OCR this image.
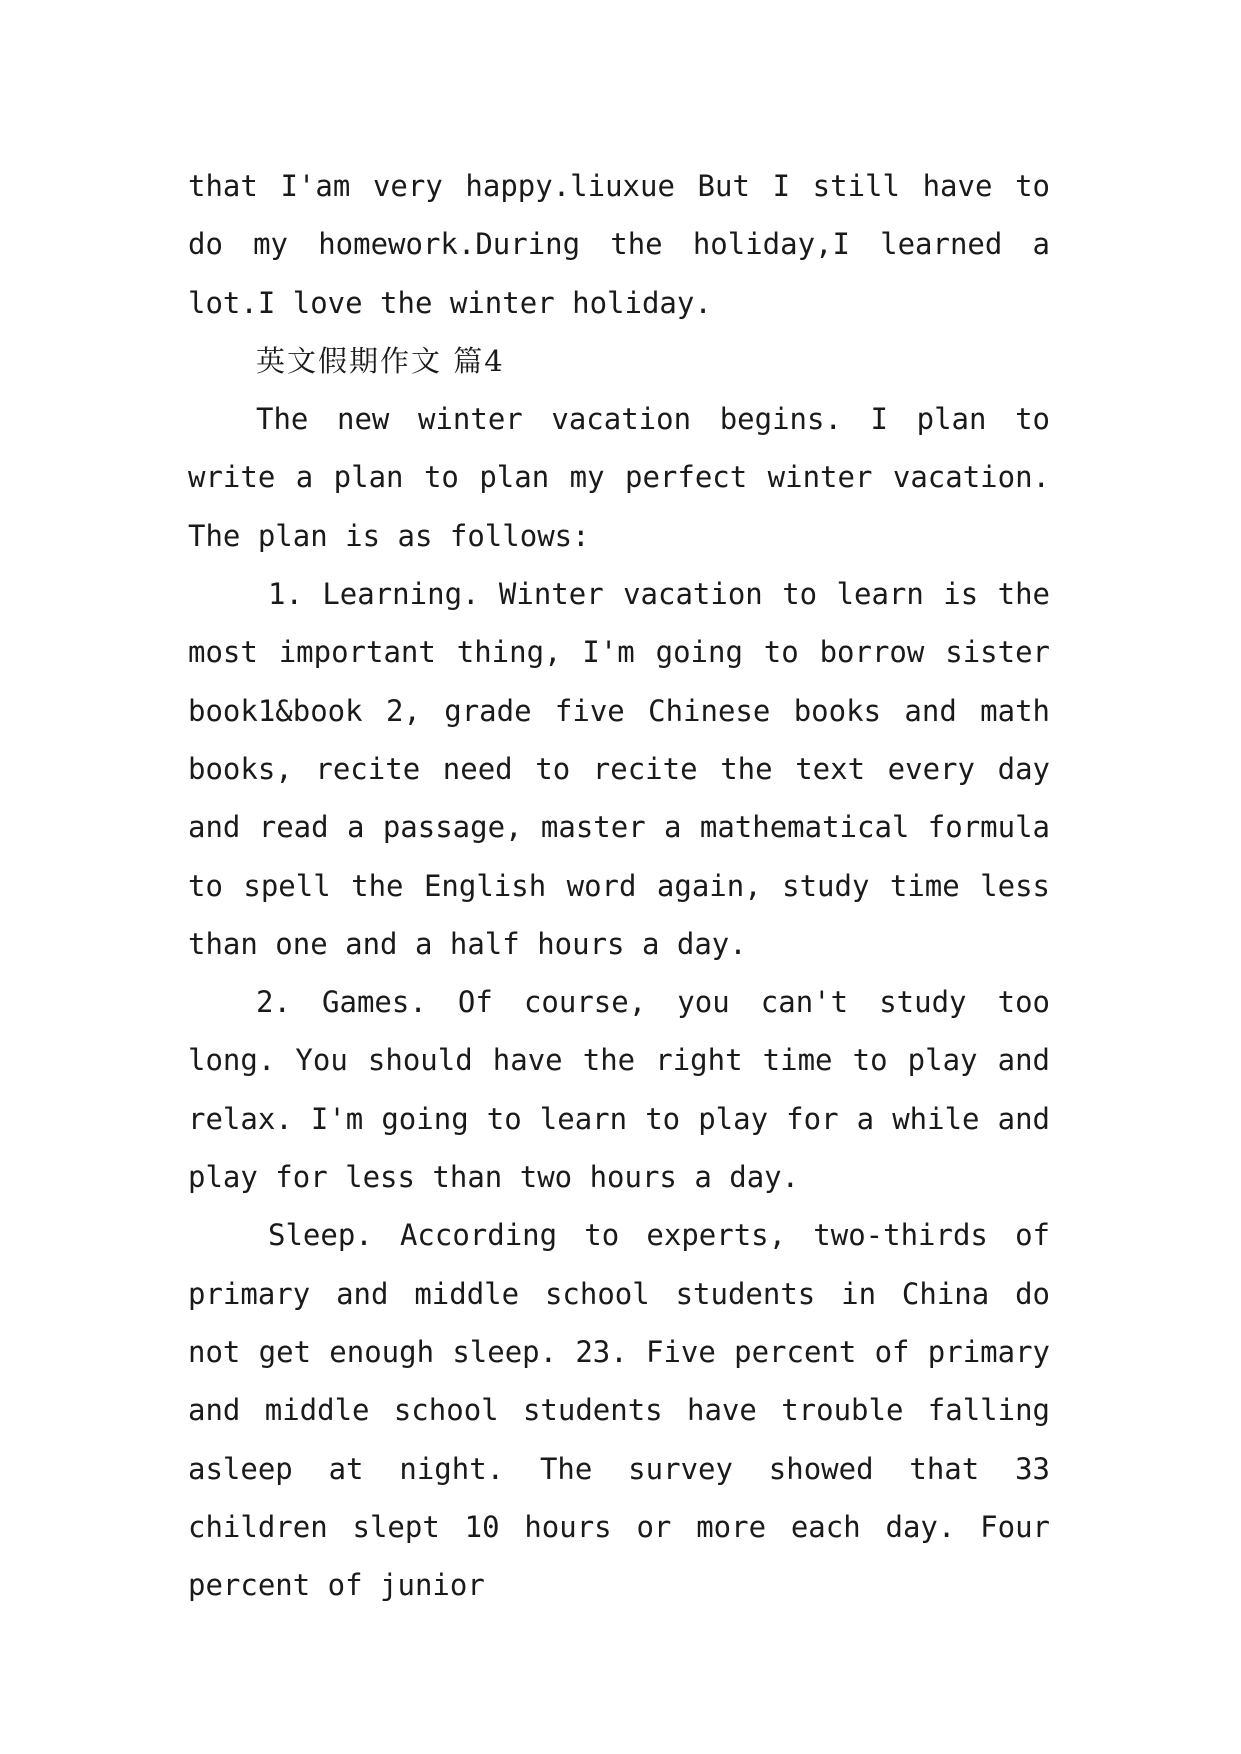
that I'am very happy.liuxue But I still have to do my homework.During the holiday,I learned a lot.I love the winter holiday.

英文假期作文 篇4

The new winter vacation begins. I plan to write a plan to plan my perfect winter vacation. The plan is as follows:

1. Learning. Winter vacation to learn is the most important thing, I'm going to borrow sister book1&book 2, grade five Chinese books and math books, recite need to recite the text every day and read a passage, master a mathematical formula to spell the English word again, study time less than one and a half hours a day.

2. Games. Of course, you can't study too long. You should have the right time to play and relax. I'm going to learn to play for a while and play for less than two hours a day.

Sleep. According to experts, two-thirds of primary and middle school students in China do not get enough sleep. 23. Five percent of primary and middle school students have trouble falling asleep at night. The survey showed that 33 children slept 10 hours or more each day. Four percent of junior
